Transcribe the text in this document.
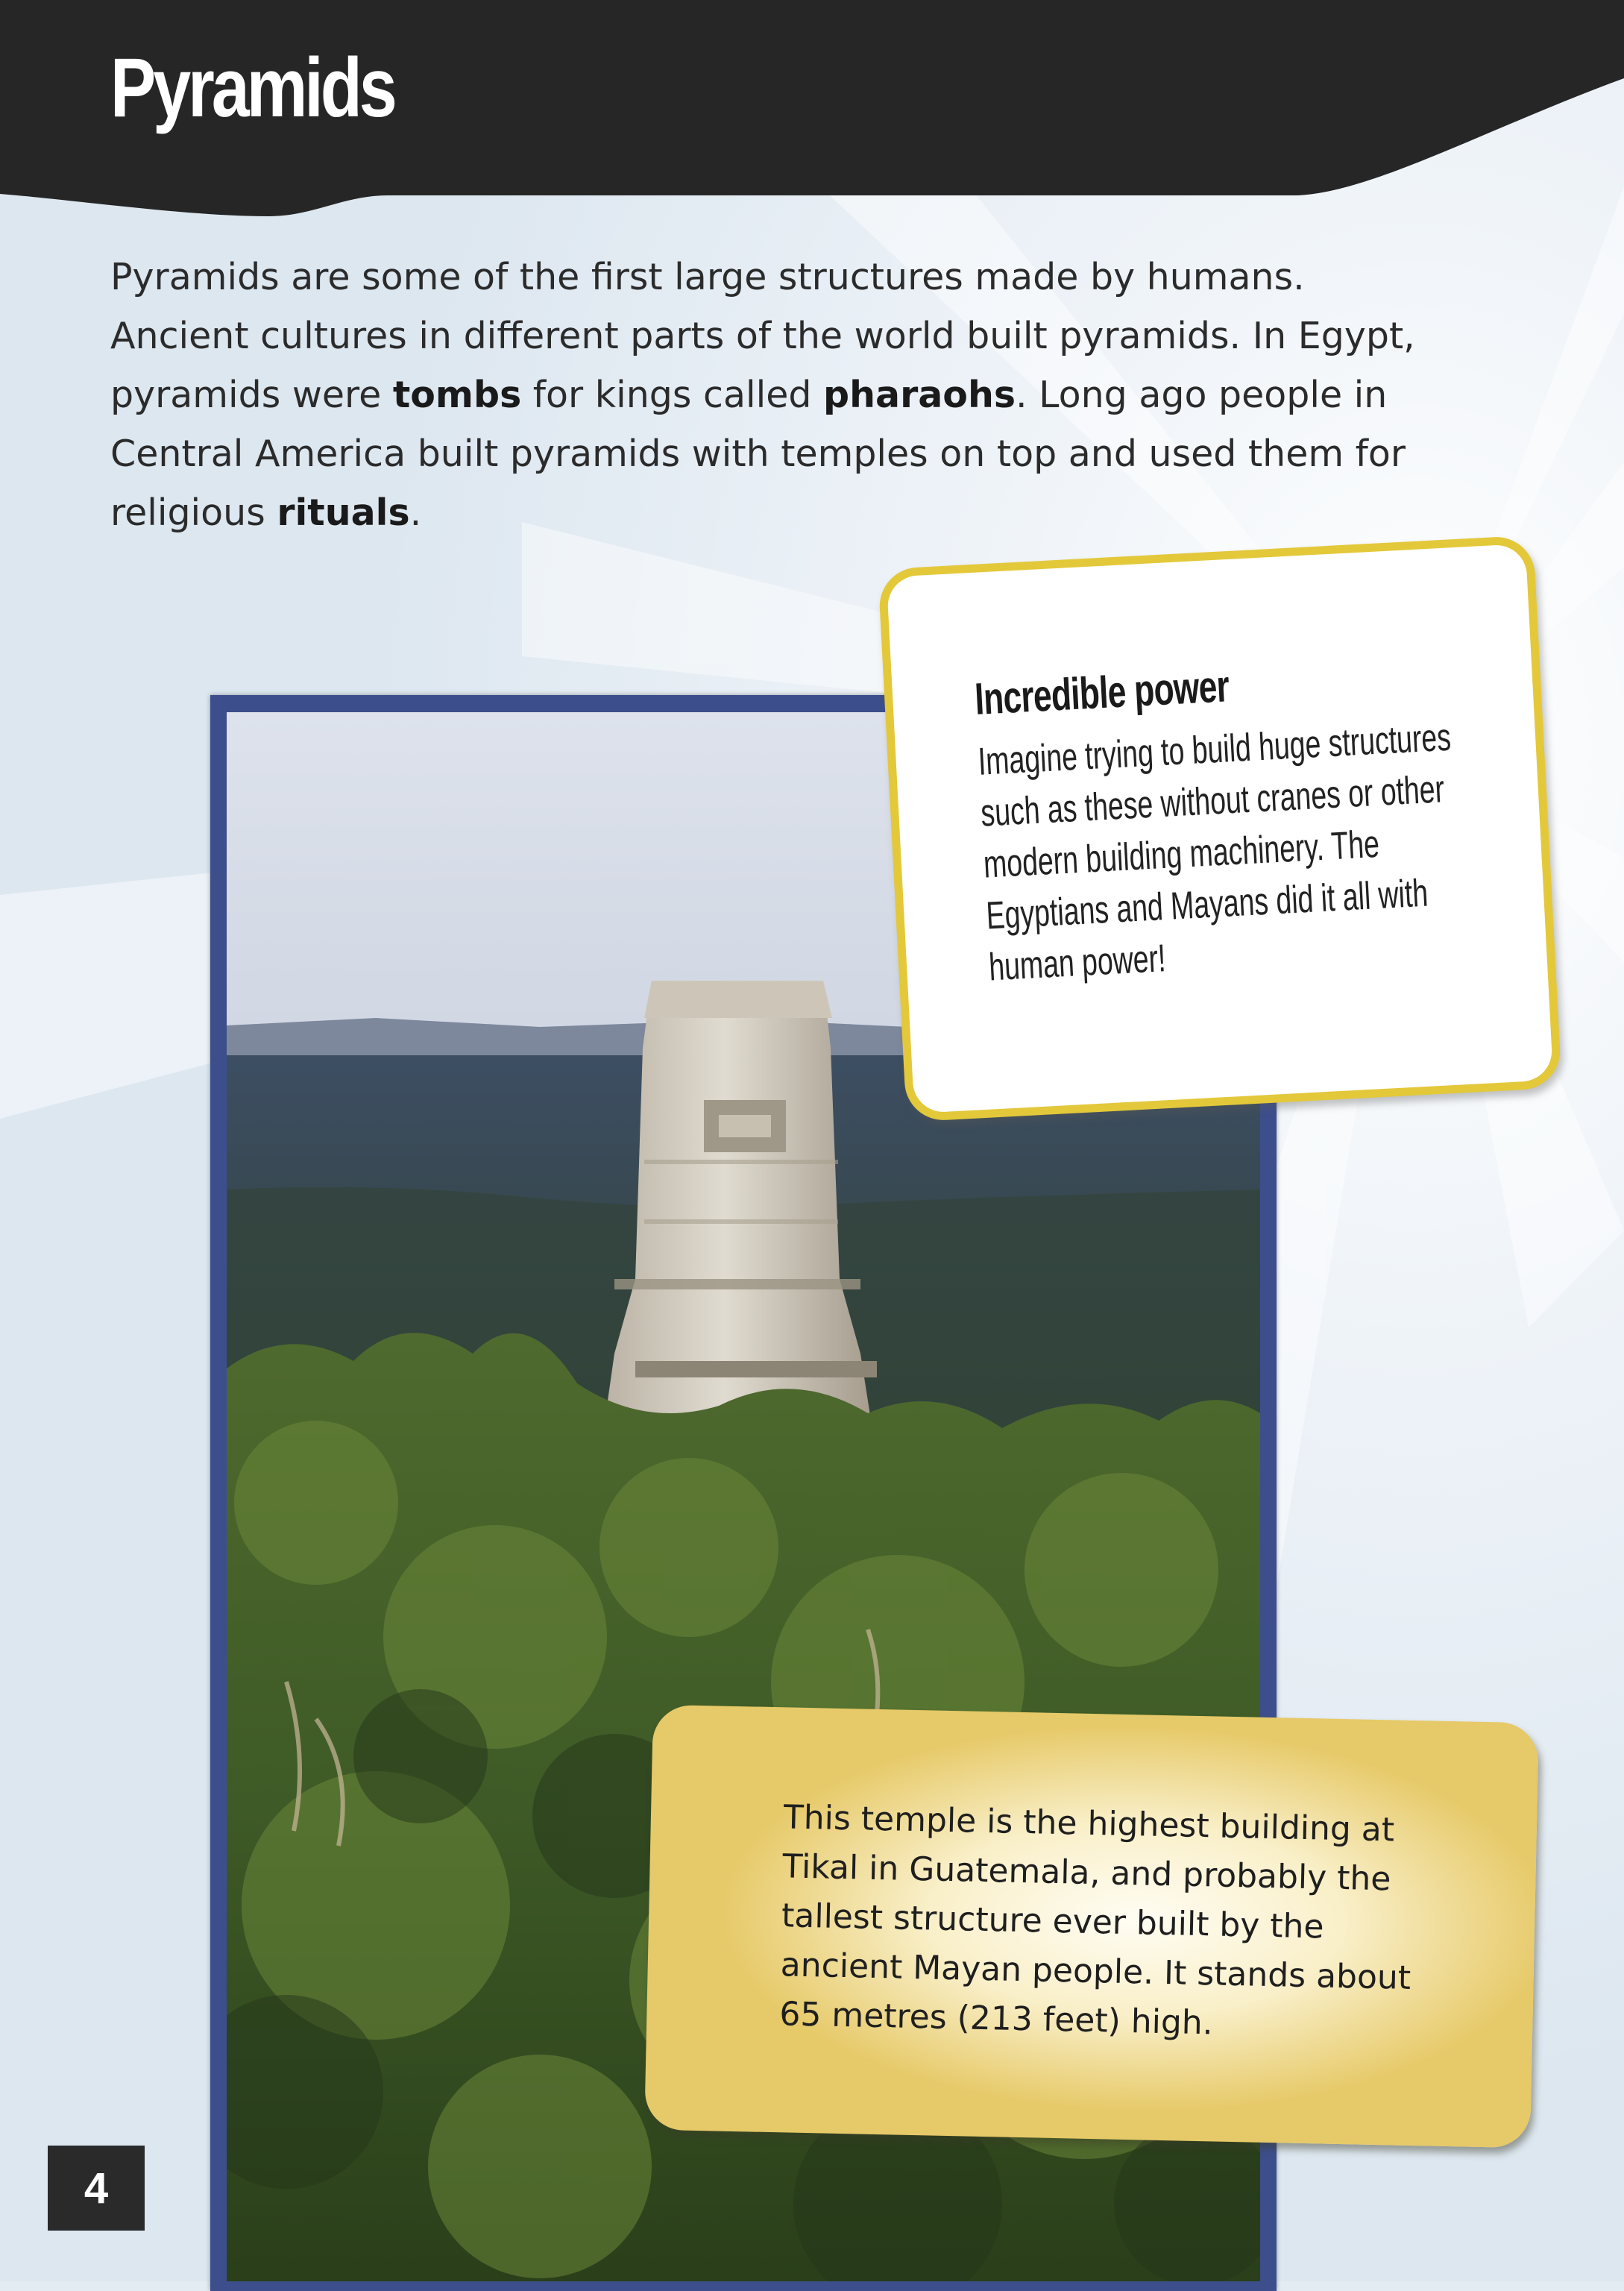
Pyramids

Pyramids are some of the first large structures made by humans. Ancient cultures in different parts of the world built pyramids. In Egypt, pyramids were tombs for kings called pharaohs. Long ago people in Central America built pyramids with temples on top and used them for religious rituals.

Incredible power

Imagine trying to build huge structures such as these without cranes or other modern building machinery. The Egyptians and Mayans did it all with human power!

This temple is the highest building at Tikal in Guatemala, and probably the tallest structure ever built by the ancient Mayan people. It stands about 65 metres (213 feet) high.

4
